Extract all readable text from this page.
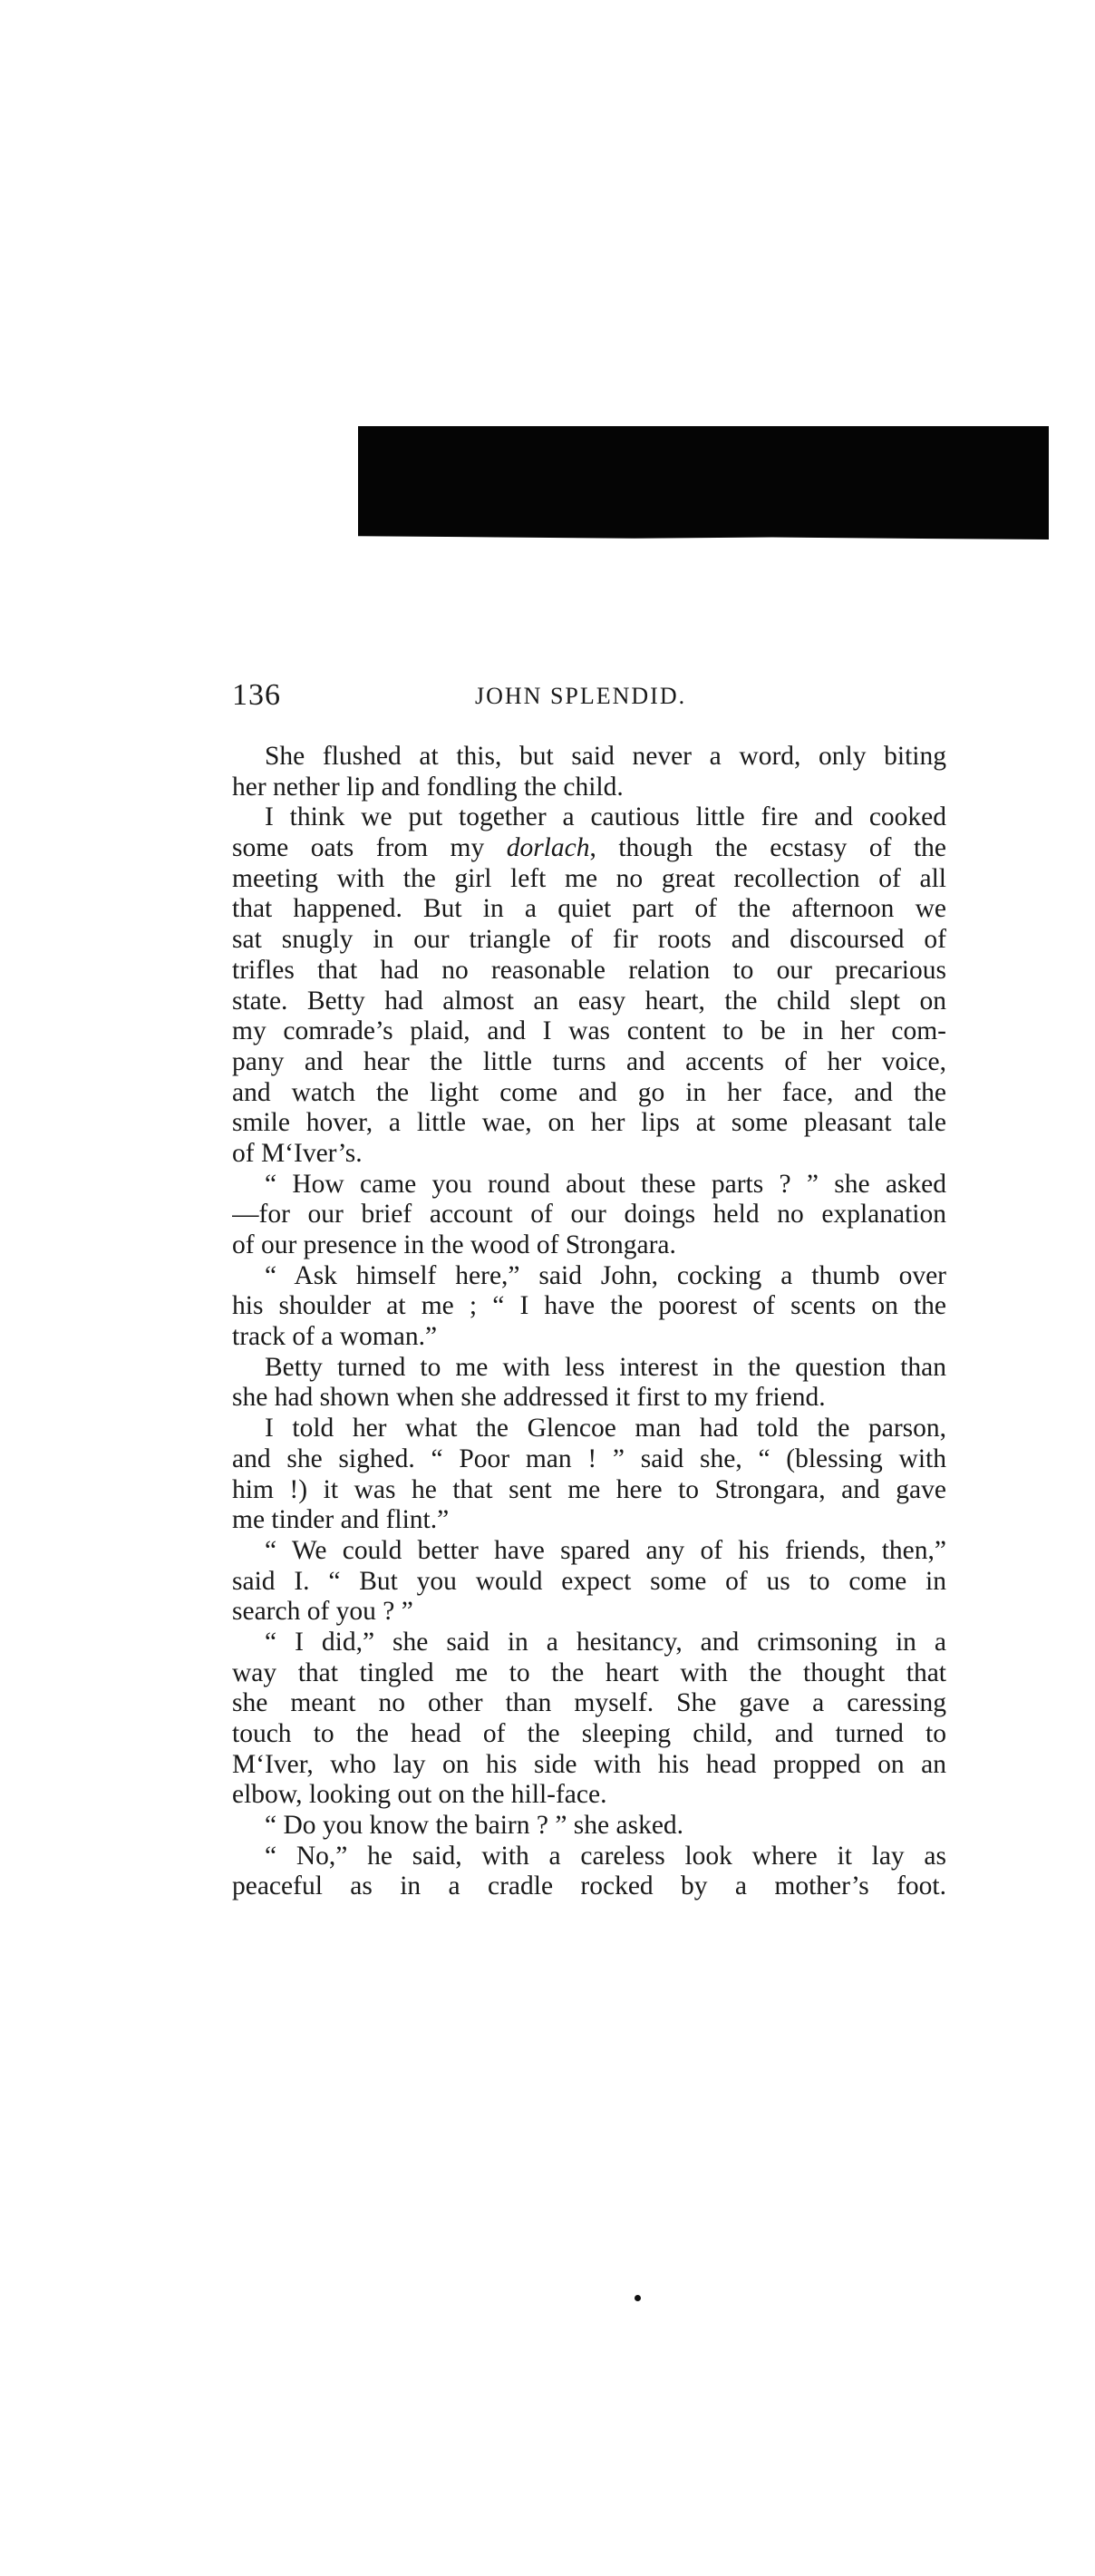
136	JOHN SPLENDID.
She flushed at this, but said never a word, only biting
her nether lip and fondling the child.
I think we put together a cautious little fire and cooked
some oats from my dorlach, though the ecstasy of the
meeting with the girl left me no great recollection of all
that happened. But in a quiet part of the afternoon we
sat snugly in our triangle of fir roots and discoursed of
trifles that had no reasonable relation to our precarious
state. Betty had almost an easy heart, the child slept on
my comrade’s plaid, and I was content to be in her com-
pany and hear the little turns and accents of her voice,
and watch the light come and go in her face, and the
smile hover, a little wae, on her lips at some pleasant tale
of M‘Iver’s.
“ How came you round about these parts ? ” she asked
—for our brief account of our doings held no explanation
of our presence in the wood of Strongara.
“ Ask himself here,” said John, cocking a thumb over
his shoulder at me ; “ I have the poorest of scents on the
track of a woman.”
Betty turned to me with less interest in the question than
she had shown when she addressed it first to my friend.
I told her what the Glencoe man had told the parson,
and she sighed. “ Poor man ! ” said she, “ (blessing with
him !) it was he that sent me here to Strongara, and gave
me tinder and flint.”
“ We could better have spared any of his friends, then,”
said I. “ But you would expect some of us to come in
search of you ? ”
“ I did,” she said in a hesitancy, and crimsoning in a
way that tingled me to the heart with the thought that
she meant no other than myself. She gave a caressing
touch to the head of the sleeping child, and turned to
M‘Iver, who lay on his side with his head propped on an
elbow, looking out on the hill-face.
“ Do you know the bairn ? ” she asked.
“ No,” he said, with a careless look where it lay as
peaceful as in a cradle rocked by a mother’s foot.
